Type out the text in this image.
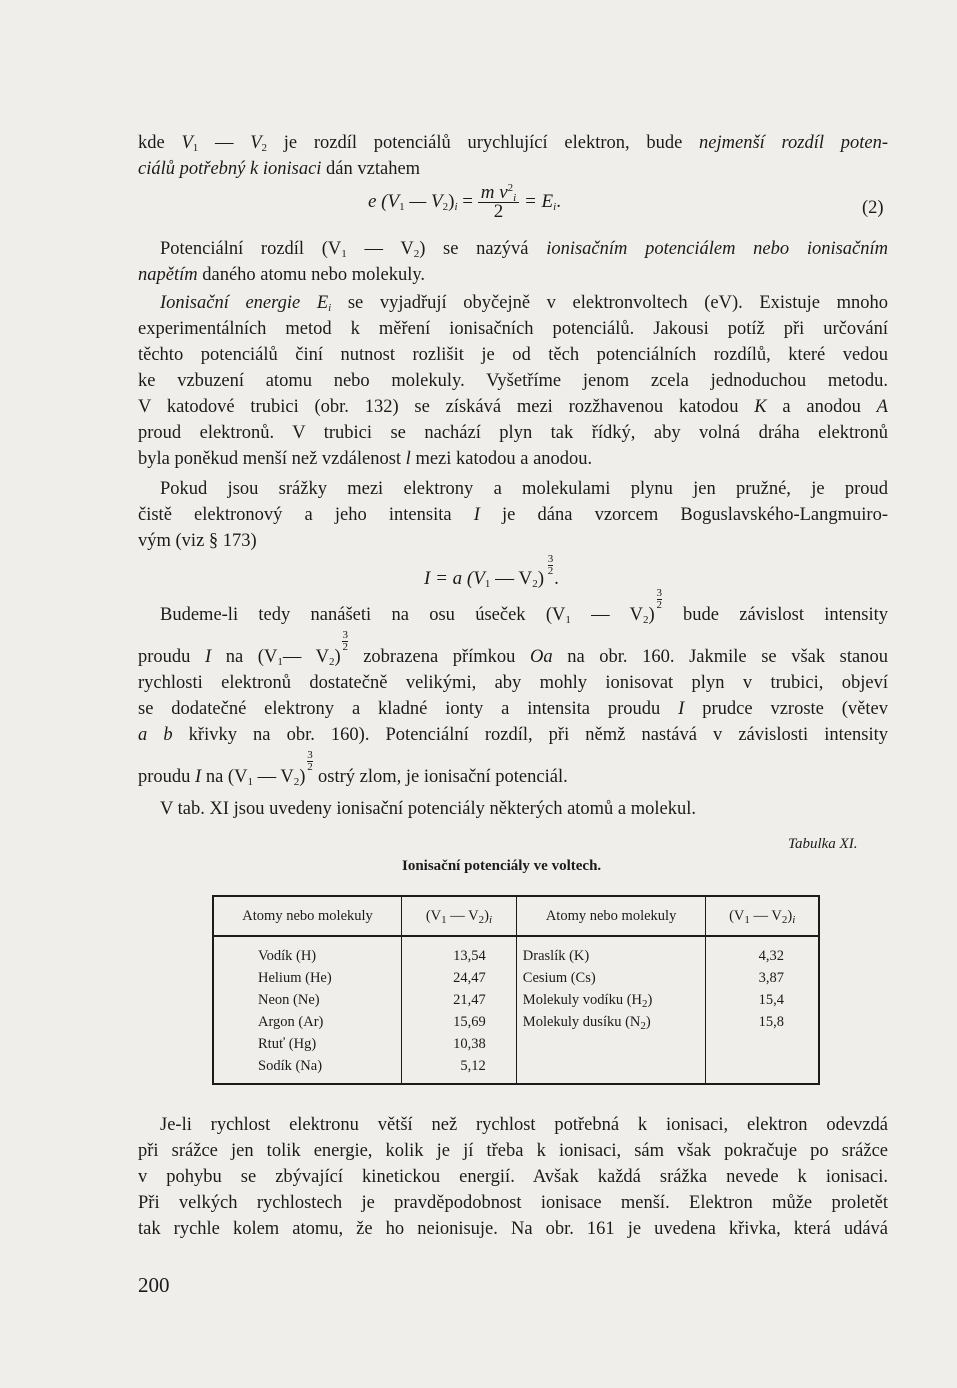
kde $V_1$ — $V_2$ je rozdíl potenciálů urychlující elektron, bude nejmenší rozdíl poten-
ciálů potřebný k ionisaci dán vztahem
e ($V_1$ — $V_2)_i = \frac{m v^2_i}{2} = E_i$.	(2)
Potenciální rozdíl ($V_1$ — $V_2$) se nazývá ionisačním potenciálem nebo ionisačním
napětím daného atomu nebo molekuly.
Ionisační energie $E_i$ se vyjadřují obyčejně v elektronvoltech (eV). Existuje mnoho
experimentálních metod k měření ionisačních potenciálů. Jakousi potíž při určování
těchto potenciálů činí nutnost rozlišit je od těch potenciálních rozdílů, které vedou
ke vzbuzení atomu nebo molekuly. Vyšetříme jenom zcela jednoduchou metodu.
V katodové trubici (obr. 132) se získává mezi rozžhavenou katodou K a anodou A
proud elektronů. V trubici se nachází plyn tak řídký, aby volná dráha elektronů
byla poněkud menší než vzdálenost l mezi katodou a anodou.
Pokud jsou srážky mezi elektrony a molekulami plynu jen pružné, je proud
čistě elektronový a jeho intensita I je dána vzorcem Boguslavského-Langmuiro-
vým (viz § 173)
I = a ($V_1$ — $V_2$)
3
2 .
Budeme-li tedy nanášeti na osu úseček ($V_1$ — $V_2$)
3
2 bude závislost intensity
proudu I na ($V_1—$ $V_2$)
3
2 zobrazena přímkou Oa na obr. 160. Jakmile se však stanou
rychlosti elektronů dostatečně velikými, aby mohly ionisovat plyn v trubici, objeví
se dodatečné elektrony a kladné ionty a intensita proudu I prudce vzroste (větev
a b křivky na obr. 160). Potenciální rozdíl, při němž nastává v závislosti intensity
proudu I na ($V_1$ — $V_2$)
3
2 ostrý zlom, je ionisační potenciál.
V tab. XI jsou uvedeny ionisační potenciály některých atomů a molekul.
Tabulka XI.
Ionisační potenciály ve voltech.
Atomy nebo molekuly	($V_1$ — $V_2)_i$	Atomy nebo molekuly	($V_1$ — $V_2)_i$
Vodík (H)	13,54	Draslík (K)	4,32
Helium (He)	24,47	Cesium (Cs)	3,87
Neon (Ne)	21,47	Molekuly vodíku $(H_2)$	15,4
Argon (Ar)	15,69	Molekuly dusíku $(N_2)$	15,8
Rtuť (Hg)	10,38		
Sodík (Na)	5,12		
Je-li rychlost elektronu větší než rychlost potřebná k ionisaci, elektron odevzdá
při srážce jen tolik energie, kolik je jí třeba k ionisaci, sám však pokračuje po srážce
v pohybu se zbývající kinetickou energií. Avšak každá srážka nevede k ionisaci.
Při velkých rychlostech je pravděpodobnost ionisace menší. Elektron může proletět
tak rychle kolem atomu, že ho neionisuje. Na obr. 161 je uvedena křivka, která udává
200
